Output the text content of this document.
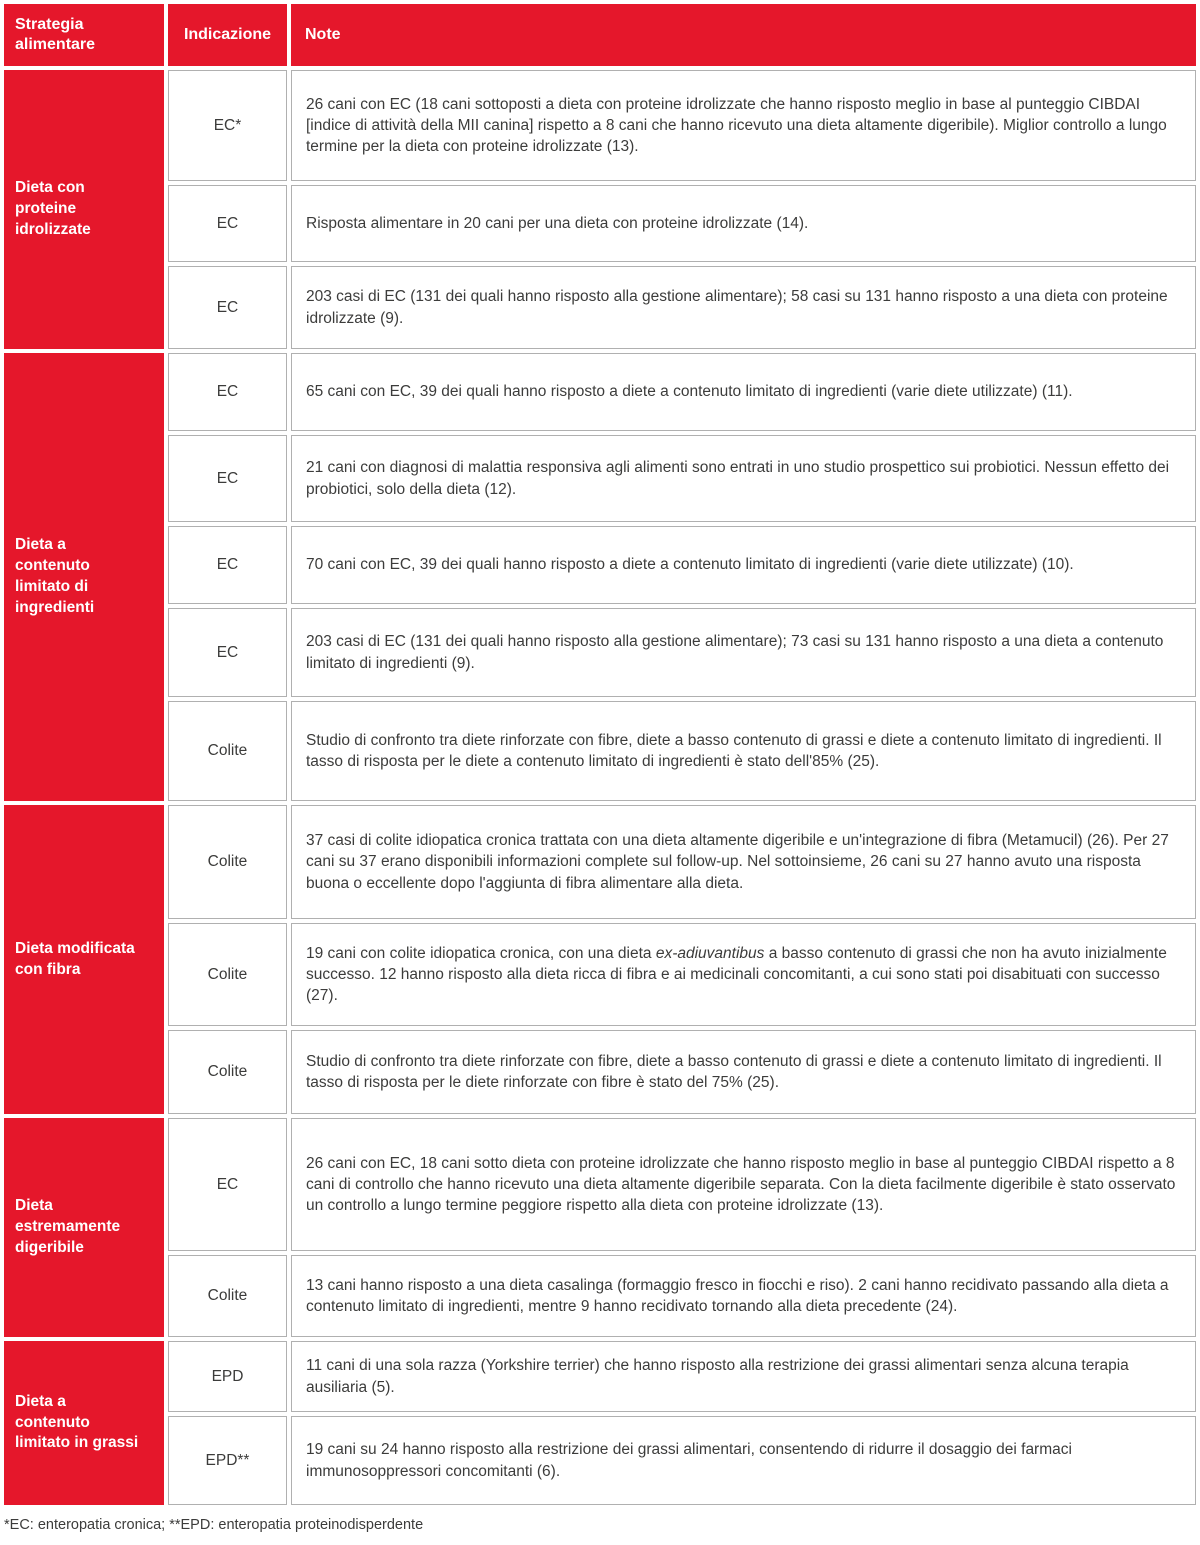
Strategia alimentare	Indicazione	Note
Dieta con proteine idrolizzate	EC*	26 cani con EC (18 cani sottoposti a dieta con proteine idrolizzate che hanno risposto meglio in base al punteggio CIBDAI [indice di attività della MII canina] rispetto a 8 cani che hanno ricevuto una dieta altamente digeribile). Miglior controllo a lungo termine per la dieta con proteine idrolizzate (13).
	EC	Risposta alimentare in 20 cani per una dieta con proteine idrolizzate (14).
	EC	203 casi di EC (131 dei quali hanno risposto alla gestione alimentare); 58 casi su 131 hanno risposto a una dieta con proteine idrolizzate (9).
Dieta a contenuto limitato di ingredienti	EC	65 cani con EC, 39 dei quali hanno risposto a diete a contenuto limitato di ingredienti (varie diete utilizzate) (11).
	EC	21 cani con diagnosi di malattia responsiva agli alimenti sono entrati in uno studio prospettico sui probiotici. Nessun effetto dei probiotici, solo della dieta (12).
	EC	70 cani con EC, 39 dei quali hanno risposto a diete a contenuto limitato di ingredienti (varie diete utilizzate) (10).
	EC	203 casi di EC (131 dei quali hanno risposto alla gestione alimentare); 73 casi su 131 hanno risposto a una dieta a contenuto limitato di ingredienti (9).
	Colite	Studio di confronto tra diete rinforzate con fibre, diete a basso contenuto di grassi e diete a contenuto limitato di ingredienti. Il tasso di risposta per le diete a contenuto limitato di ingredienti è stato dell'85% (25).
Dieta modificata con fibra	Colite	37 casi di colite idiopatica cronica trattata con una dieta altamente digeribile e un'integrazione di fibra (Metamucil) (26). Per 27 cani su 37 erano disponibili informazioni complete sul follow-up. Nel sottoinsieme, 26 cani su 27 hanno avuto una risposta buona o eccellente dopo l'aggiunta di fibra alimentare alla dieta.
	Colite	19 cani con colite idiopatica cronica, con una dieta ex-adiuvantibus a basso contenuto di grassi che non ha avuto inizialmente successo. 12 hanno risposto alla dieta ricca di fibra e ai medicinali concomitanti, a cui sono stati poi disabituati con successo (27).
	Colite	Studio di confronto tra diete rinforzate con fibre, diete a basso contenuto di grassi e diete a contenuto limitato di ingredienti. Il tasso di risposta per le diete rinforzate con fibre è stato del 75% (25).
Dieta estremamente digeribile	EC	26 cani con EC, 18 cani sotto dieta con proteine idrolizzate che hanno risposto meglio in base al punteggio CIBDAI rispetto a 8 cani di controllo che hanno ricevuto una dieta altamente digeribile separata. Con la dieta facilmente digeribile è stato osservato un controllo a lungo termine peggiore rispetto alla dieta con proteine idrolizzate (13).
	Colite	13 cani hanno risposto a una dieta casalinga (formaggio fresco in fiocchi e riso). 2 cani hanno recidivato passando alla dieta a contenuto limitato di ingredienti, mentre 9 hanno recidivato tornando alla dieta precedente (24).
Dieta a contenuto limitato in grassi	EPD	11 cani di una sola razza (Yorkshire terrier) che hanno risposto alla restrizione dei grassi alimentari senza alcuna terapia ausiliaria (5).
	EPD**	19 cani su 24 hanno risposto alla restrizione dei grassi alimentari, consentendo di ridurre il dosaggio dei farmaci immunosoppressori concomitanti (6).
*EC: enteropatia cronica; **EPD: enteropatia proteinodisperdente
